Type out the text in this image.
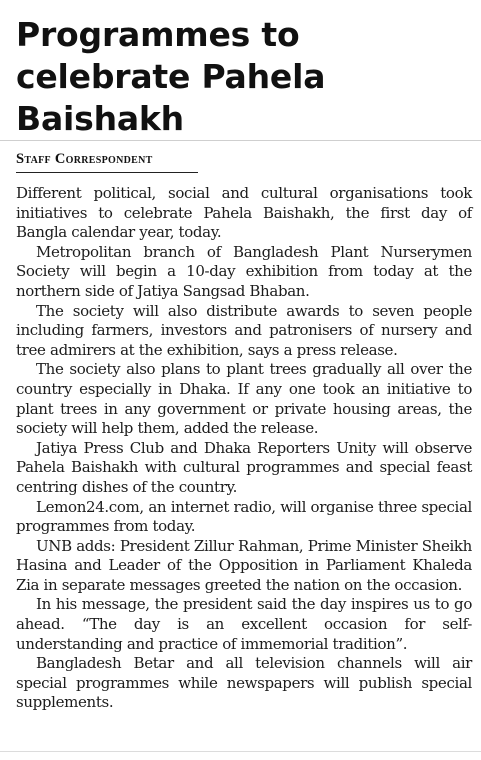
Programmes to celebrate Pahela Baishakh
Staff Correspondent

Different political, social and cultural organisations took initiatives to celebrate Pahela Baishakh, the first day of Bangla calendar year, today.

Metropolitan branch of Bangladesh Plant Nurserymen Society will begin a 10-day exhibition from today at the northern side of Jatiya Sangsad Bhaban.

The society will also distribute awards to seven people including farmers, investors and patronisers of nursery and tree admirers at the exhibition, says a press release.

The society also plans to plant trees gradually all over the country especially in Dhaka. If any one took an initiative to plant trees in any government or private housing areas, the society will help them, added the release.

Jatiya Press Club and Dhaka Reporters Unity will observe Pahela Baishakh with cultural programmes and special feast centring dishes of the country.

Lemon24.com, an internet radio, will organise three special programmes from today.

UNB adds: President Zillur Rahman, Prime Minister Sheikh Hasina and Leader of the Opposition in Parliament Khaleda Zia in separate messages greeted the nation on the occasion.

In his message, the president said the day inspires us to go ahead. “The day is an excellent occasion for self-understanding and practice of immemorial tradition”.

Bangladesh Betar and all television channels will air special programmes while newspapers will publish special supplements.
